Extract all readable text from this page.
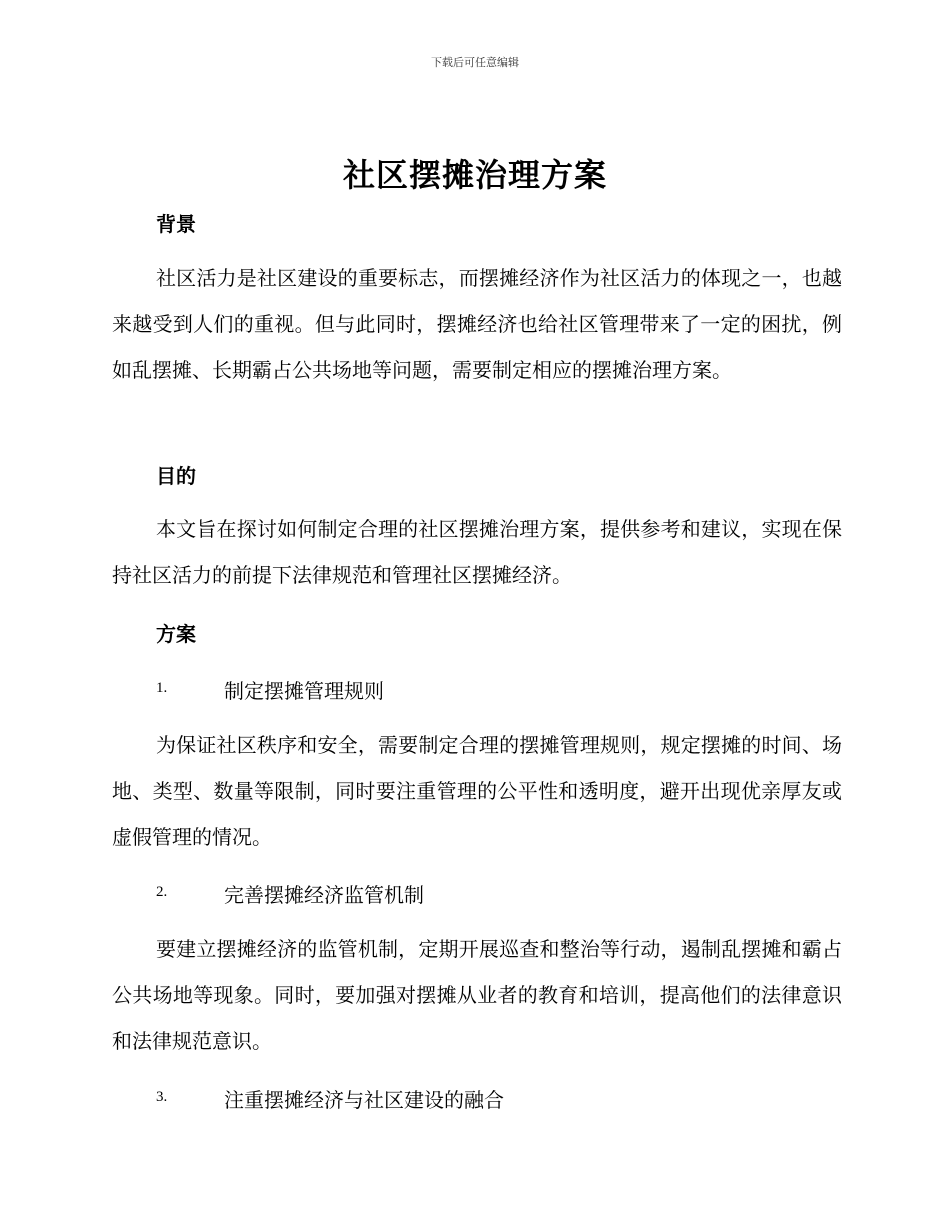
下载后可任意编辑
社区摆摊治理方案
背景
社区活力是社区建设的重要标志，而摆摊经济作为社区活力的体现之一，也越来越受到人们的重视。但与此同时，摆摊经济也给社区管理带来了一定的困扰，例如乱摆摊、长期霸占公共场地等问题，需要制定相应的摆摊治理方案。
目的
本文旨在探讨如何制定合理的社区摆摊治理方案，提供参考和建议，实现在保持社区活力的前提下法律规范和管理社区摆摊经济。
方案
1.	制定摆摊管理规则
为保证社区秩序和安全，需要制定合理的摆摊管理规则，规定摆摊的时间、场地、类型、数量等限制，同时要注重管理的公平性和透明度，避开出现优亲厚友或虚假管理的情况。
2.	完善摆摊经济监管机制
要建立摆摊经济的监管机制，定期开展巡查和整治等行动，遏制乱摆摊和霸占公共场地等现象。同时，要加强对摆摊从业者的教育和培训，提高他们的法律意识和法律规范意识。
3.	注重摆摊经济与社区建设的融合
